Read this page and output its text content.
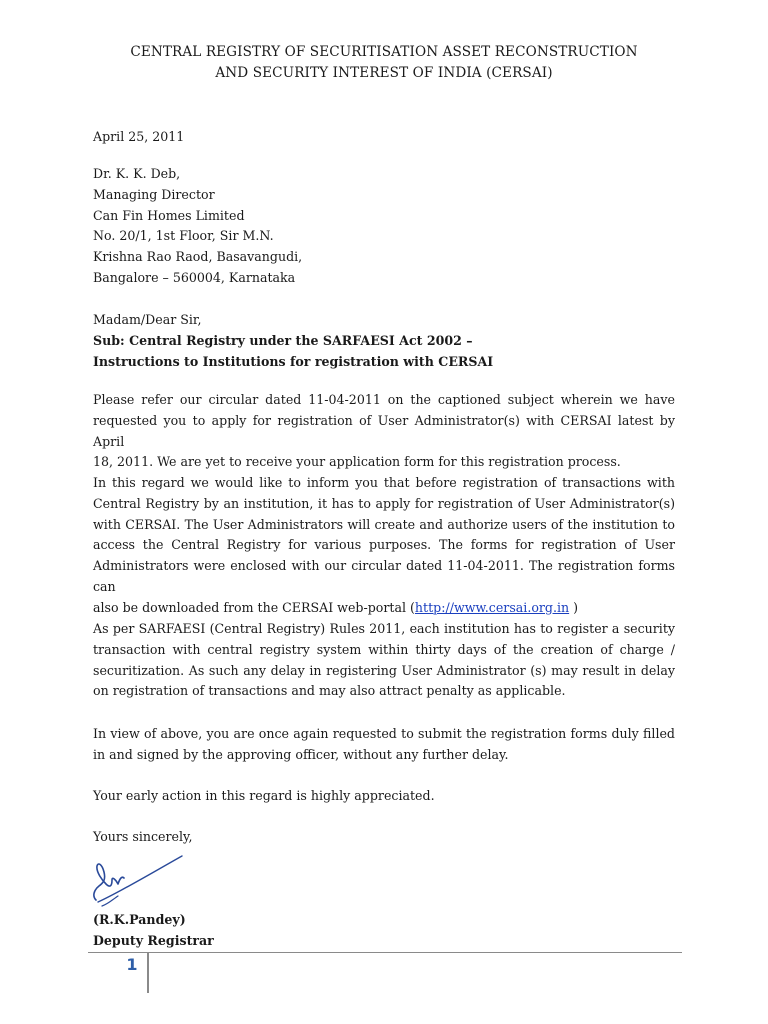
CENTRAL REGISTRY OF SECURITISATION ASSET RECONSTRUCTION
AND SECURITY INTEREST OF INDIA (CERSAI)
April 25, 2011
Dr. K. K. Deb,
Managing Director
Can Fin Homes Limited
No. 20/1, 1st Floor, Sir M.N.
Krishna Rao Raod, Basavangudi,
Bangalore – 560004, Karnataka
Madam/Dear Sir,
Sub: Central Registry under the SARFAESI Act 2002 –
Instructions to Institutions for registration with CERSAI
Please refer our circular dated 11-04-2011 on the captioned subject wherein we have
requested you to apply for registration of User Administrator(s) with CERSAI latest by April
18, 2011. We are yet to receive your application form for this registration process.
In this regard we would like to inform you that before registration of transactions with
Central Registry by an institution, it has to apply for registration of User Administrator(s)
with CERSAI. The User Administrators will create and authorize users of the institution to
access the Central Registry for various purposes. The forms for registration of User
Administrators were enclosed with our circular dated 11-04-2011. The registration forms can
also be downloaded from the CERSAI web-portal (http://www.cersai.org.in )
As per SARFAESI (Central Registry) Rules 2011, each institution has to register a security
transaction with central registry system within thirty days of the creation of charge /
securitization. As such any delay in registering User Administrator (s) may result in delay
on registration of transactions and may also attract penalty as applicable.
In view of above, you are once again requested to submit the registration forms duly filled
in and signed by the approving officer, without any further delay.
Your early action in this regard is highly appreciated.
Yours sincerely,
(R.K.Pandey)
Deputy Registrar
1
